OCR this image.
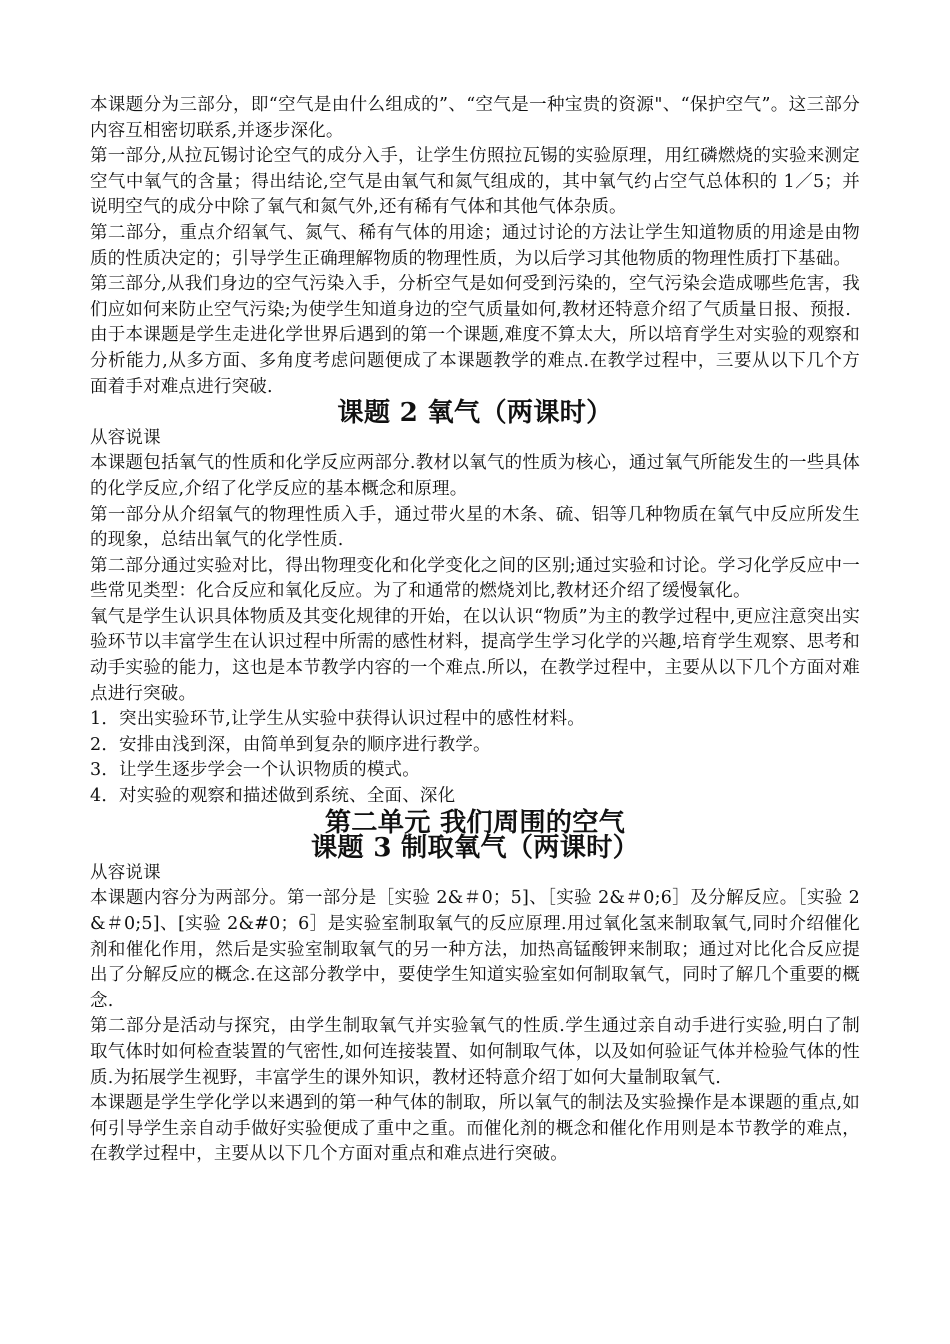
本课题分为三部分，即“空气是由什么组成的”、“空气是一种宝贵的资源"、“保护空气”。这三部分内容互相密切联系,并逐步深化。

第一部分,从拉瓦锡讨论空气的成分入手，让学生仿照拉瓦锡的实验原理，用红磷燃烧的实验来测定空气中氧气的含量；得出结论,空气是由氧气和氮气组成的，其中氧气约占空气总体积的 1／5；并说明空气的成分中除了氧气和氮气外,还有稀有气体和其他气体杂质。

第二部分，重点介绍氧气、氮气、稀有气体的用途；通过讨论的方法让学生知道物质的用途是由物质的性质决定的；引导学生正确理解物质的物理性质，为以后学习其他物质的物理性质打下基础。

第三部分,从我们身边的空气污染入手，分析空气是如何受到污染的，空气污染会造成哪些危害，我们应如何来防止空气污染;为使学生知道身边的空气质量如何,教材还特意介绍了气质量日报、预报.

由于本课题是学生走进化学世界后遇到的第一个课题,难度不算太大，所以培育学生对实验的观察和分析能力,从多方面、多角度考虑问题便成了本课题教学的难点.在教学过程中，三要从以下几个方面着手对难点进行突破.

课题 2 氧气（两课时）

从容说课

本课题包括氧气的性质和化学反应两部分.教材以氧气的性质为核心，通过氧气所能发生的一些具体的化学反应,介绍了化学反应的基本概念和原理。

第一部分从介绍氧气的物理性质入手，通过带火星的木条、硫、铝等几种物质在氧气中反应所发生的现象，总结出氧气的化学性质.

第二部分通过实验对比，得出物理变化和化学变化之间的区别;通过实验和讨论。学习化学反应中一些常见类型：化合反应和氧化反应。为了和通常的燃烧刘比,教材还介绍了缓慢氧化。

氧气是学生认识具体物质及其变化规律的开始，在以认识“物质”为主的教学过程中,更应注意突出实验环节以丰富学生在认识过程中所需的感性材料，提高学生学习化学的兴趣,培育学生观察、思考和动手实验的能力，这也是本节教学内容的一个难点.所以，在教学过程中，主要从以下几个方面对难点进行突破。

1．突出实验环节,让学生从实验中获得认识过程中的感性材料。

2．安排由浅到深，由简单到复杂的顺序进行教学。

3．让学生逐步学会一个认识物质的模式。

4．对实验的观察和描述做到系统、全面、深化

第二单元 我们周围的空气
课题 3 制取氧气（两课时）

从容说课

本课题内容分为两部分。第一部分是［实验 2&＃0；5]、［实验 2&＃0;6］及分解反应。［实验 2&＃0;5]、[实验 2&#0；6］是实验室制取氧气的反应原理.用过氧化氢来制取氧气,同时介绍催化剂和催化作用，然后是实验室制取氧气的另一种方法，加热高锰酸钾来制取；通过对比化合反应提出了分解反应的概念.在这部分教学中，要使学生知道实验室如何制取氧气，同时了解几个重要的概念.

第二部分是活动与探究，由学生制取氧气并实验氧气的性质.学生通过亲自动手进行实验,明白了制取气体时如何检查装置的气密性,如何连接装置、如何制取气体，以及如何验证气体并检验气体的性质.为拓展学生视野，丰富学生的课外知识，教材还特意介绍丁如何大量制取氧气.

本课题是学生学化学以来遇到的第一种气体的制取，所以氧气的制法及实验操作是本课题的重点,如何引导学生亲自动手做好实验便成了重中之重。而催化剂的概念和催化作用则是本节教学的难点，在教学过程中，主要从以下几个方面对重点和难点进行突破。
